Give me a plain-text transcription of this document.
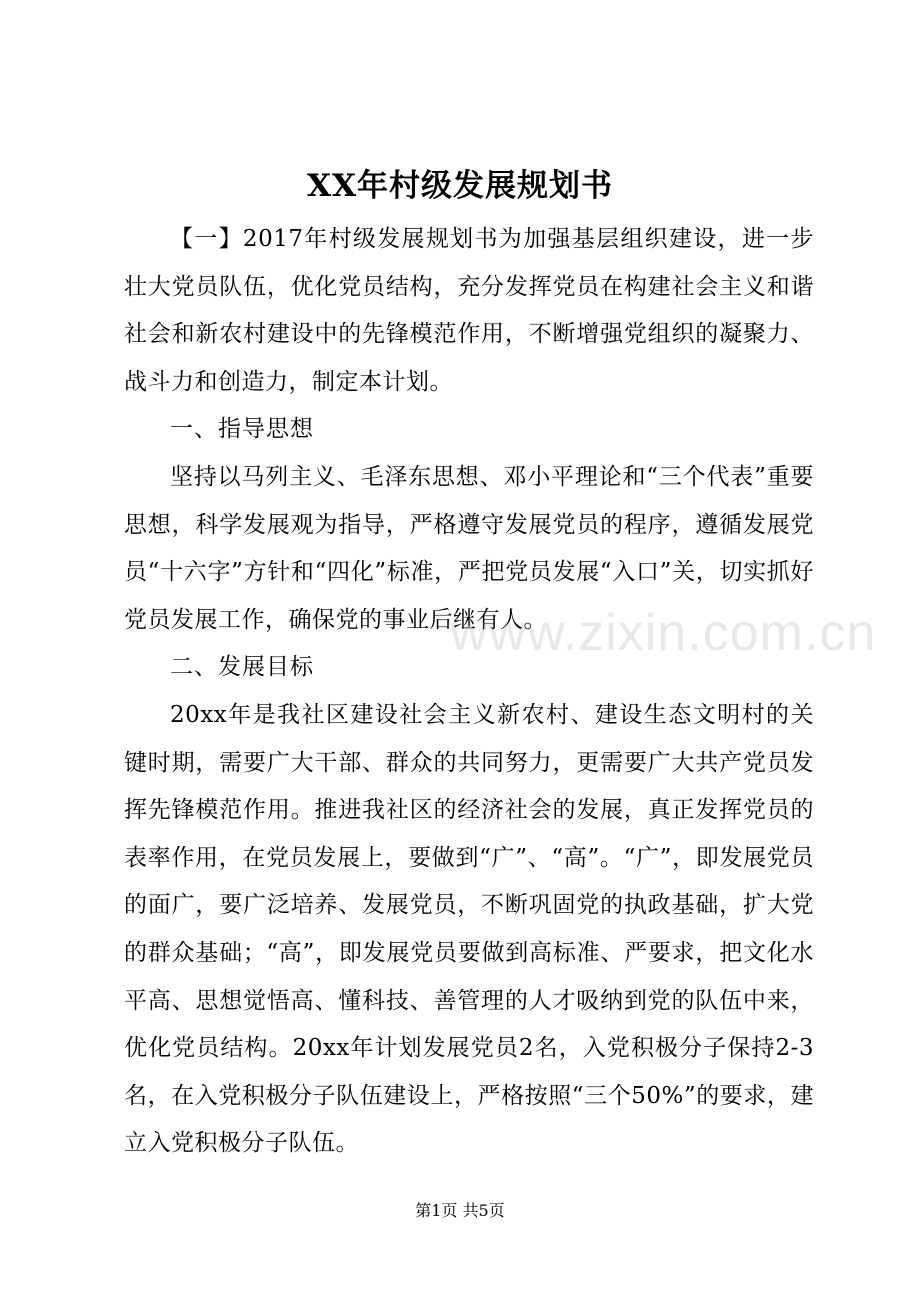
XX年村级发展规划书

【一】2017年村级发展规划书为加强基层组织建设，进一步壮大党员队伍，优化党员结构，充分发挥党员在构建社会主义和谐社会和新农村建设中的先锋模范作用，不断增强党组织的凝聚力、战斗力和创造力，制定本计划。

一、指导思想

坚持以马列主义、毛泽东思想、邓小平理论和“三个代表”重要思想，科学发展观为指导，严格遵守发展党员的程序，遵循发展党员“十六字”方针和“四化”标准，严把党员发展“入口”关，切实抓好党员发展工作，确保党的事业后继有人。

二、发展目标

20xx年是我社区建设社会主义新农村、建设生态文明村的关键时期，需要广大干部、群众的共同努力，更需要广大共产党员发挥先锋模范作用。推进我社区的经济社会的发展，真正发挥党员的表率作用，在党员发展上，要做到“广”、“高”。“广”，即发展党员的面广，要广泛培养、发展党员，不断巩固党的执政基础，扩大党的群众基础；“高”，即发展党员要做到高标准、严要求，把文化水平高、思想觉悟高、懂科技、善管理的人才吸纳到党的队伍中来，优化党员结构。20xx年计划发展党员2名，入党积极分子保持2-3名，在入党积极分子队伍建设上，严格按照“三个50%”的要求，建立入党积极分子队伍。

www.zixin.com.cn
第1页 共5页
